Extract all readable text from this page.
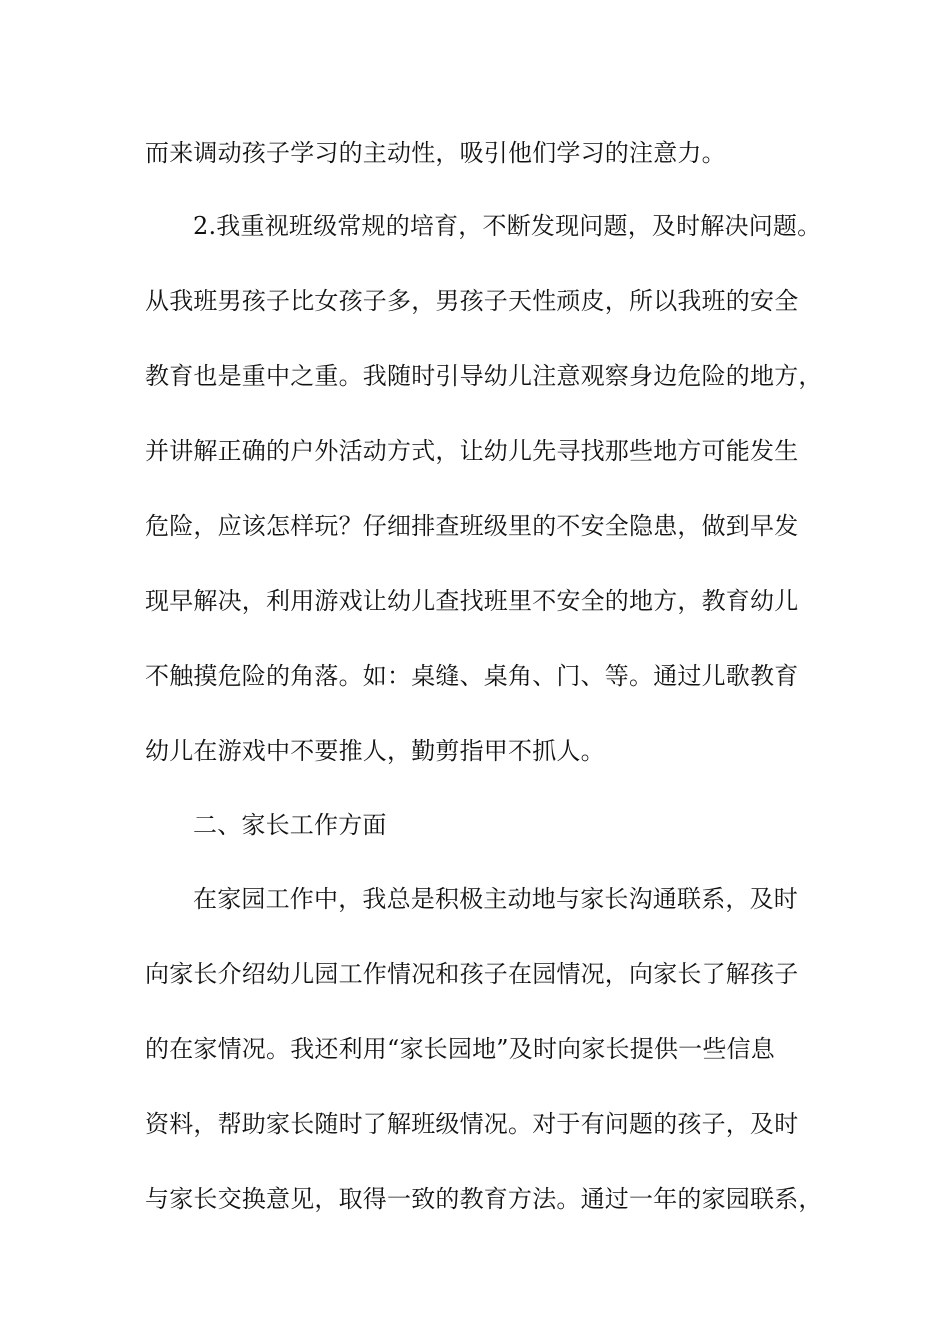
而来调动孩子学习的主动性，吸引他们学习的注意力。
2.我重视班级常规的培育，不断发现问题，及时解决问题。
从我班男孩子比女孩子多，男孩子天性顽皮，所以我班的安全
教育也是重中之重。我随时引导幼儿注意观察身边危险的地方，
并讲解正确的户外活动方式，让幼儿先寻找那些地方可能发生
危险，应该怎样玩？仔细排查班级里的不安全隐患，做到早发
现早解决，利用游戏让幼儿查找班里不安全的地方，教育幼儿
不触摸危险的角落。如：桌缝、桌角、门、等。通过儿歌教育
幼儿在游戏中不要推人，勤剪指甲不抓人。
二、家长工作方面
在家园工作中，我总是积极主动地与家长沟通联系，及时
向家长介绍幼儿园工作情况和孩子在园情况，向家长了解孩子
的在家情况。我还利用“家长园地”及时向家长提供一些信息
资料，帮助家长随时了解班级情况。对于有问题的孩子，及时
与家长交换意见，取得一致的教育方法。通过一年的家园联系，
